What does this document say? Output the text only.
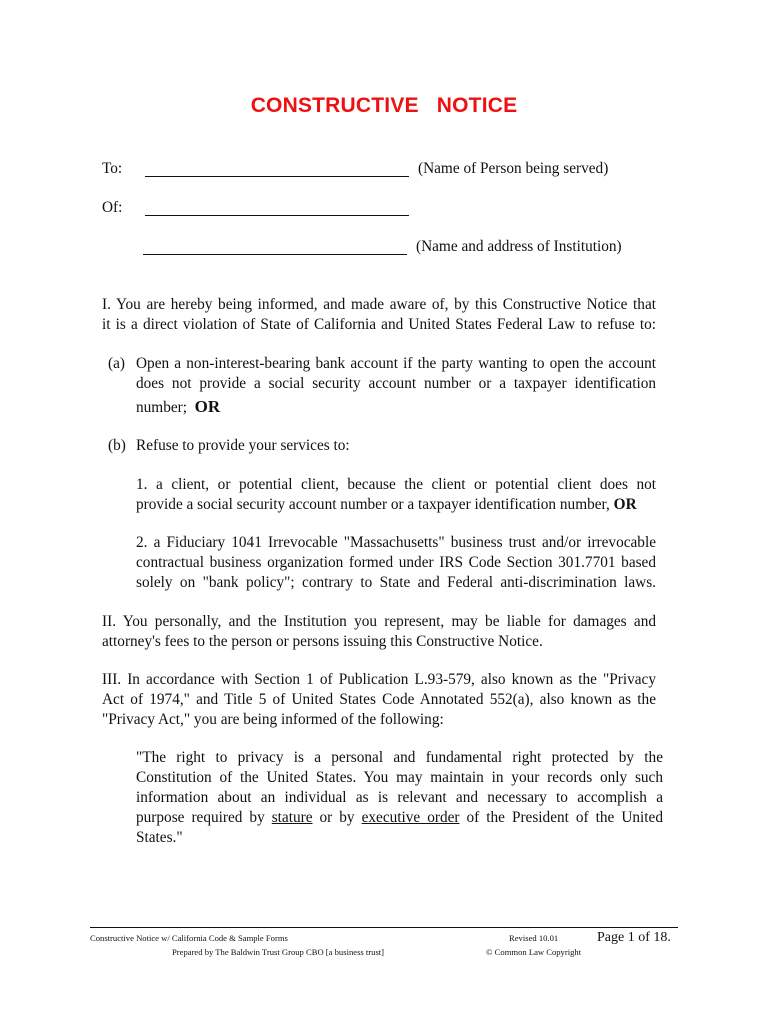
CONSTRUCTIVE NOTICE
To:	(Name of Person being served)
Of:
(Name and address of Institution)
I. You are hereby being informed, and made aware of, by this Constructive Notice that
it is a direct violation of State of California and United States Federal Law to refuse to:
(a) Open a non-interest-bearing bank account if the party wanting to open the account
does not provide a social security account number or a taxpayer identification
number; OR
(b) Refuse to provide your services to:
1. a client, or potential client, because the client or potential client does not
provide a social security account number or a taxpayer identification number, OR
2. a Fiduciary 1041 Irrevocable "Massachusetts" business trust and/or irrevocable
contractual business organization formed under IRS Code Section 301.7701 based
solely on "bank policy"; contrary to State and Federal anti-discrimination laws.
II. You personally, and the Institution you represent, may be liable for damages and
attorney's fees to the person or persons issuing this Constructive Notice.
III. In accordance with Section 1 of Publication L.93-579, also known as the "Privacy
Act of 1974," and Title 5 of United States Code Annotated 552(a), also known as the
"Privacy Act," you are being informed of the following:
"The right to privacy is a personal and fundamental right protected by the
Constitution of the United States. You may maintain in your records only such
information about an individual as is relevant and necessary to accomplish a
purpose required by stature or by executive order of the President of the United
States."
Constructive Notice w/ California Code & Sample Forms
Prepared by The Baldwin Trust Group CBO [a business trust]
Revised 10.01
© Common Law Copyright
Page 1 of 18.
